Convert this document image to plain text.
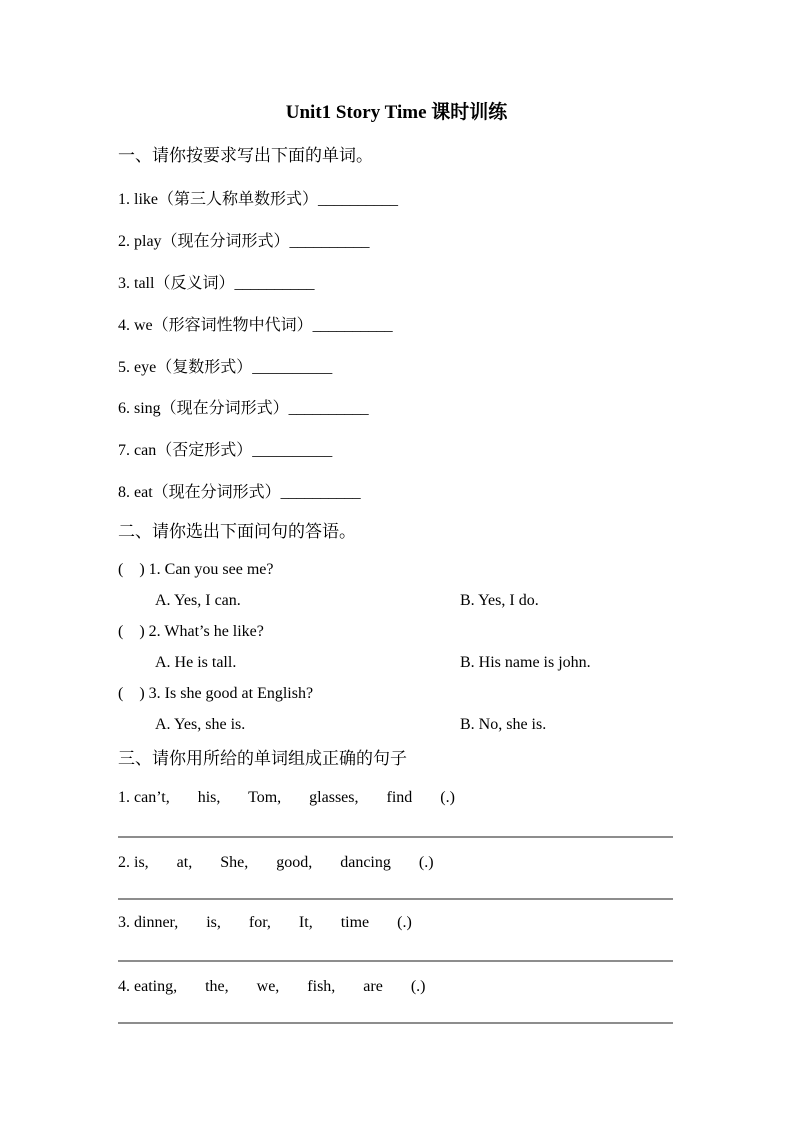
Unit1 Story Time 课时训练
一、请你按要求写出下面的单词。
1. like（第三人称单数形式）__________
2. play（现在分词形式）__________
3. tall（反义词）__________
4. we（形容词性物中代词）__________
5. eye（复数形式）__________
6. sing（现在分词形式）__________
7. can（否定形式）__________
8. eat（现在分词形式）__________
二、请你选出下面问句的答语。
(　) 1. Can you see me?
A. Yes, I can.	B. Yes, I do.
(　) 2. What’s he like?
A. He is tall.	B. His name is john.
(　) 3. Is she good at English?
A. Yes, she is.	B. No, she is.
三、请你用所给的单词组成正确的句子
1. can’t,       his,       Tom,       glasses,       find       (.)
2. is,       at,       She,       good,       dancing       (.)
3. dinner,       is,       for,       It,       time       (.)
4. eating,       the,       we,       fish,       are       (.)
